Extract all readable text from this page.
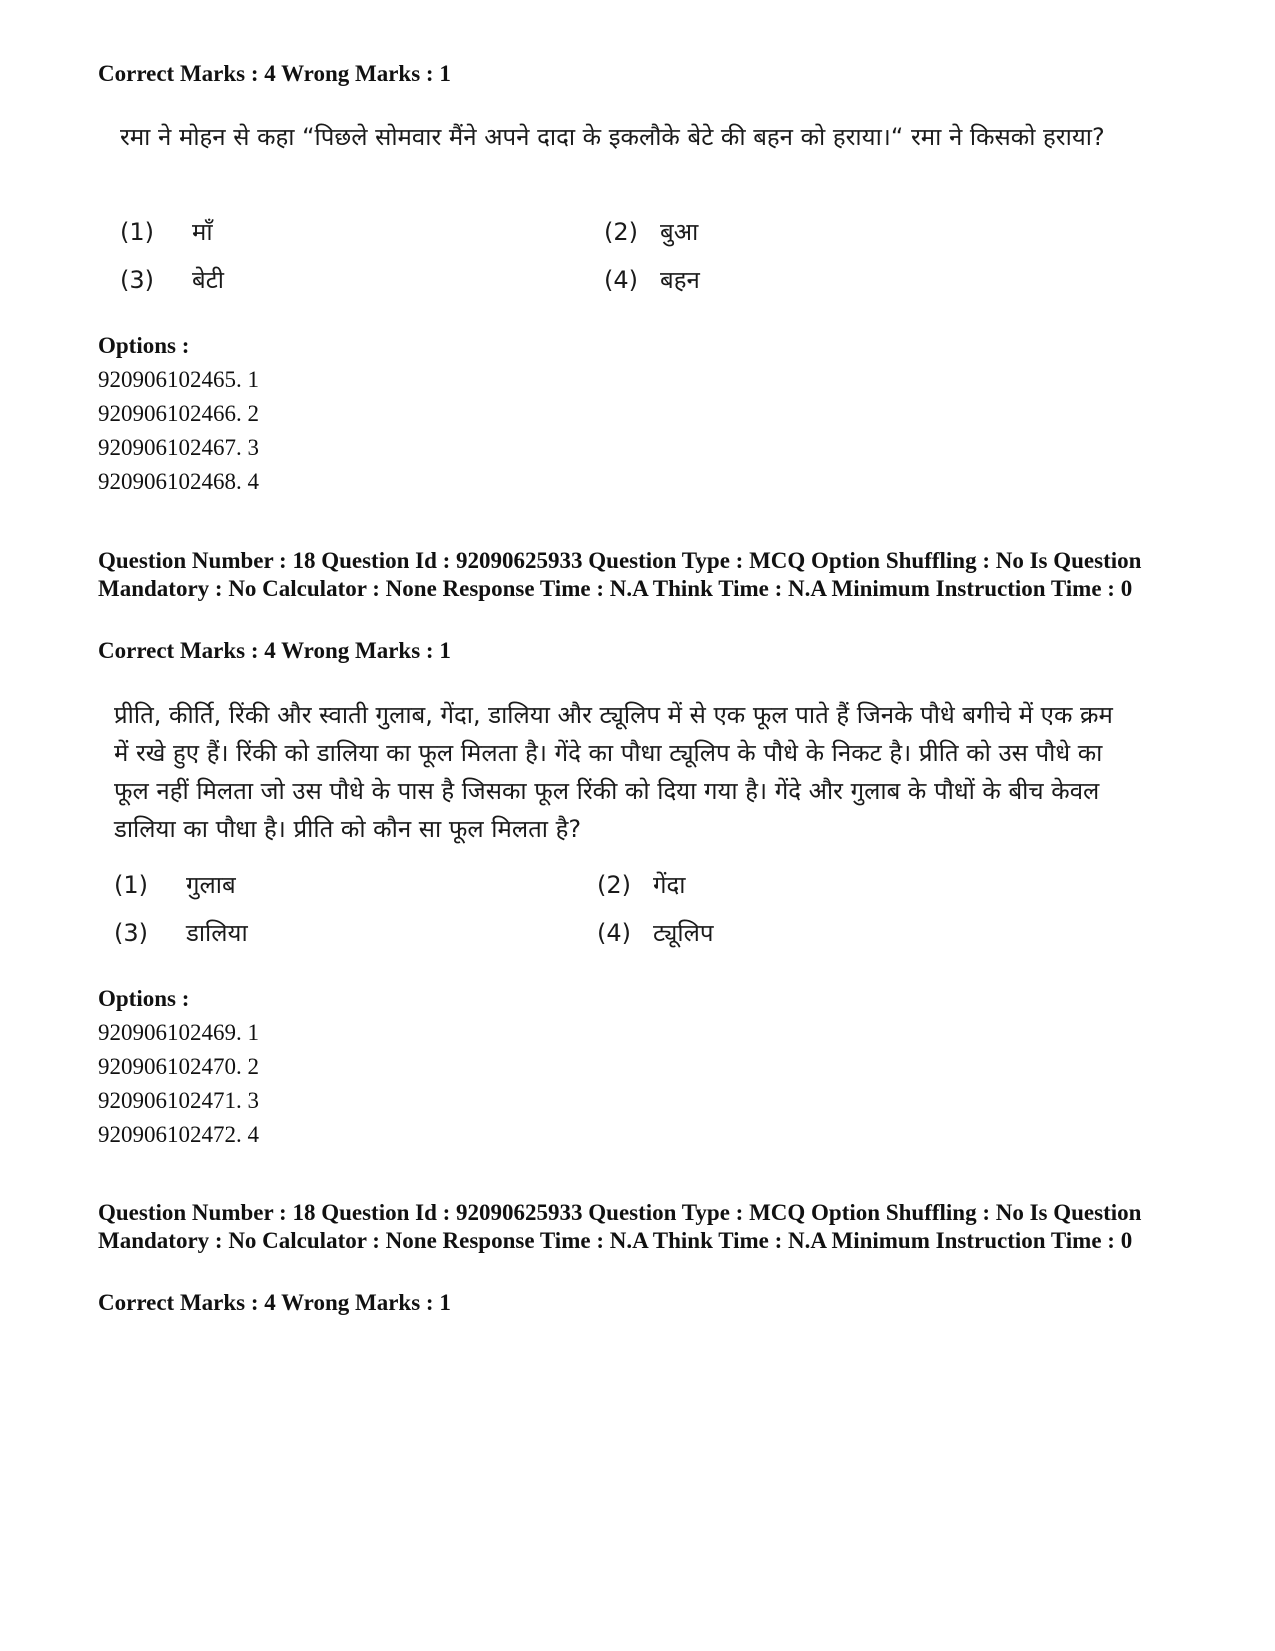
Correct Marks : 4 Wrong Marks : 1
रमा ने मोहन से कहा “पिछले सोमवार मैंने अपने दादा के इकलौके बेटे की बहन को हराया।“ रमा ने किसको हराया?
(1) माँ	(2) बुआ
(3) बेटी	(4) बहन
Options :
920906102465. 1
920906102466. 2
920906102467. 3
920906102468. 4
Question Number : 18 Question Id : 92090625933 Question Type : MCQ Option Shuffling : No Is Question Mandatory : No Calculator : None Response Time : N.A Think Time : N.A Minimum Instruction Time : 0
Correct Marks : 4 Wrong Marks : 1
प्रीति, कीर्ति, रिंकी और स्वाती गुलाब, गेंदा, डालिया और ट्यूलिप में से एक फूल पाते हैं जिनके पौधे बगीचे में एक क्रम में रखे हुए हैं। रिंकी को डालिया का फूल मिलता है। गेंदे का पौधा ट्यूलिप के पौधे के निकट है। प्रीति को उस पौधे का फूल नहीं मिलता जो उस पौधे के पास है जिसका फूल रिंकी को दिया गया है। गेंदे और गुलाब के पौधों के बीच केवल डालिया का पौधा है। प्रीति को कौन सा फूल मिलता है?
(1) गुलाब	(2) गेंदा
(3) डालिया	(4) ट्यूलिप
Options :
920906102469. 1
920906102470. 2
920906102471. 3
920906102472. 4
Question Number : 18 Question Id : 92090625933 Question Type : MCQ Option Shuffling : No Is Question Mandatory : No Calculator : None Response Time : N.A Think Time : N.A Minimum Instruction Time : 0
Correct Marks : 4 Wrong Marks : 1
